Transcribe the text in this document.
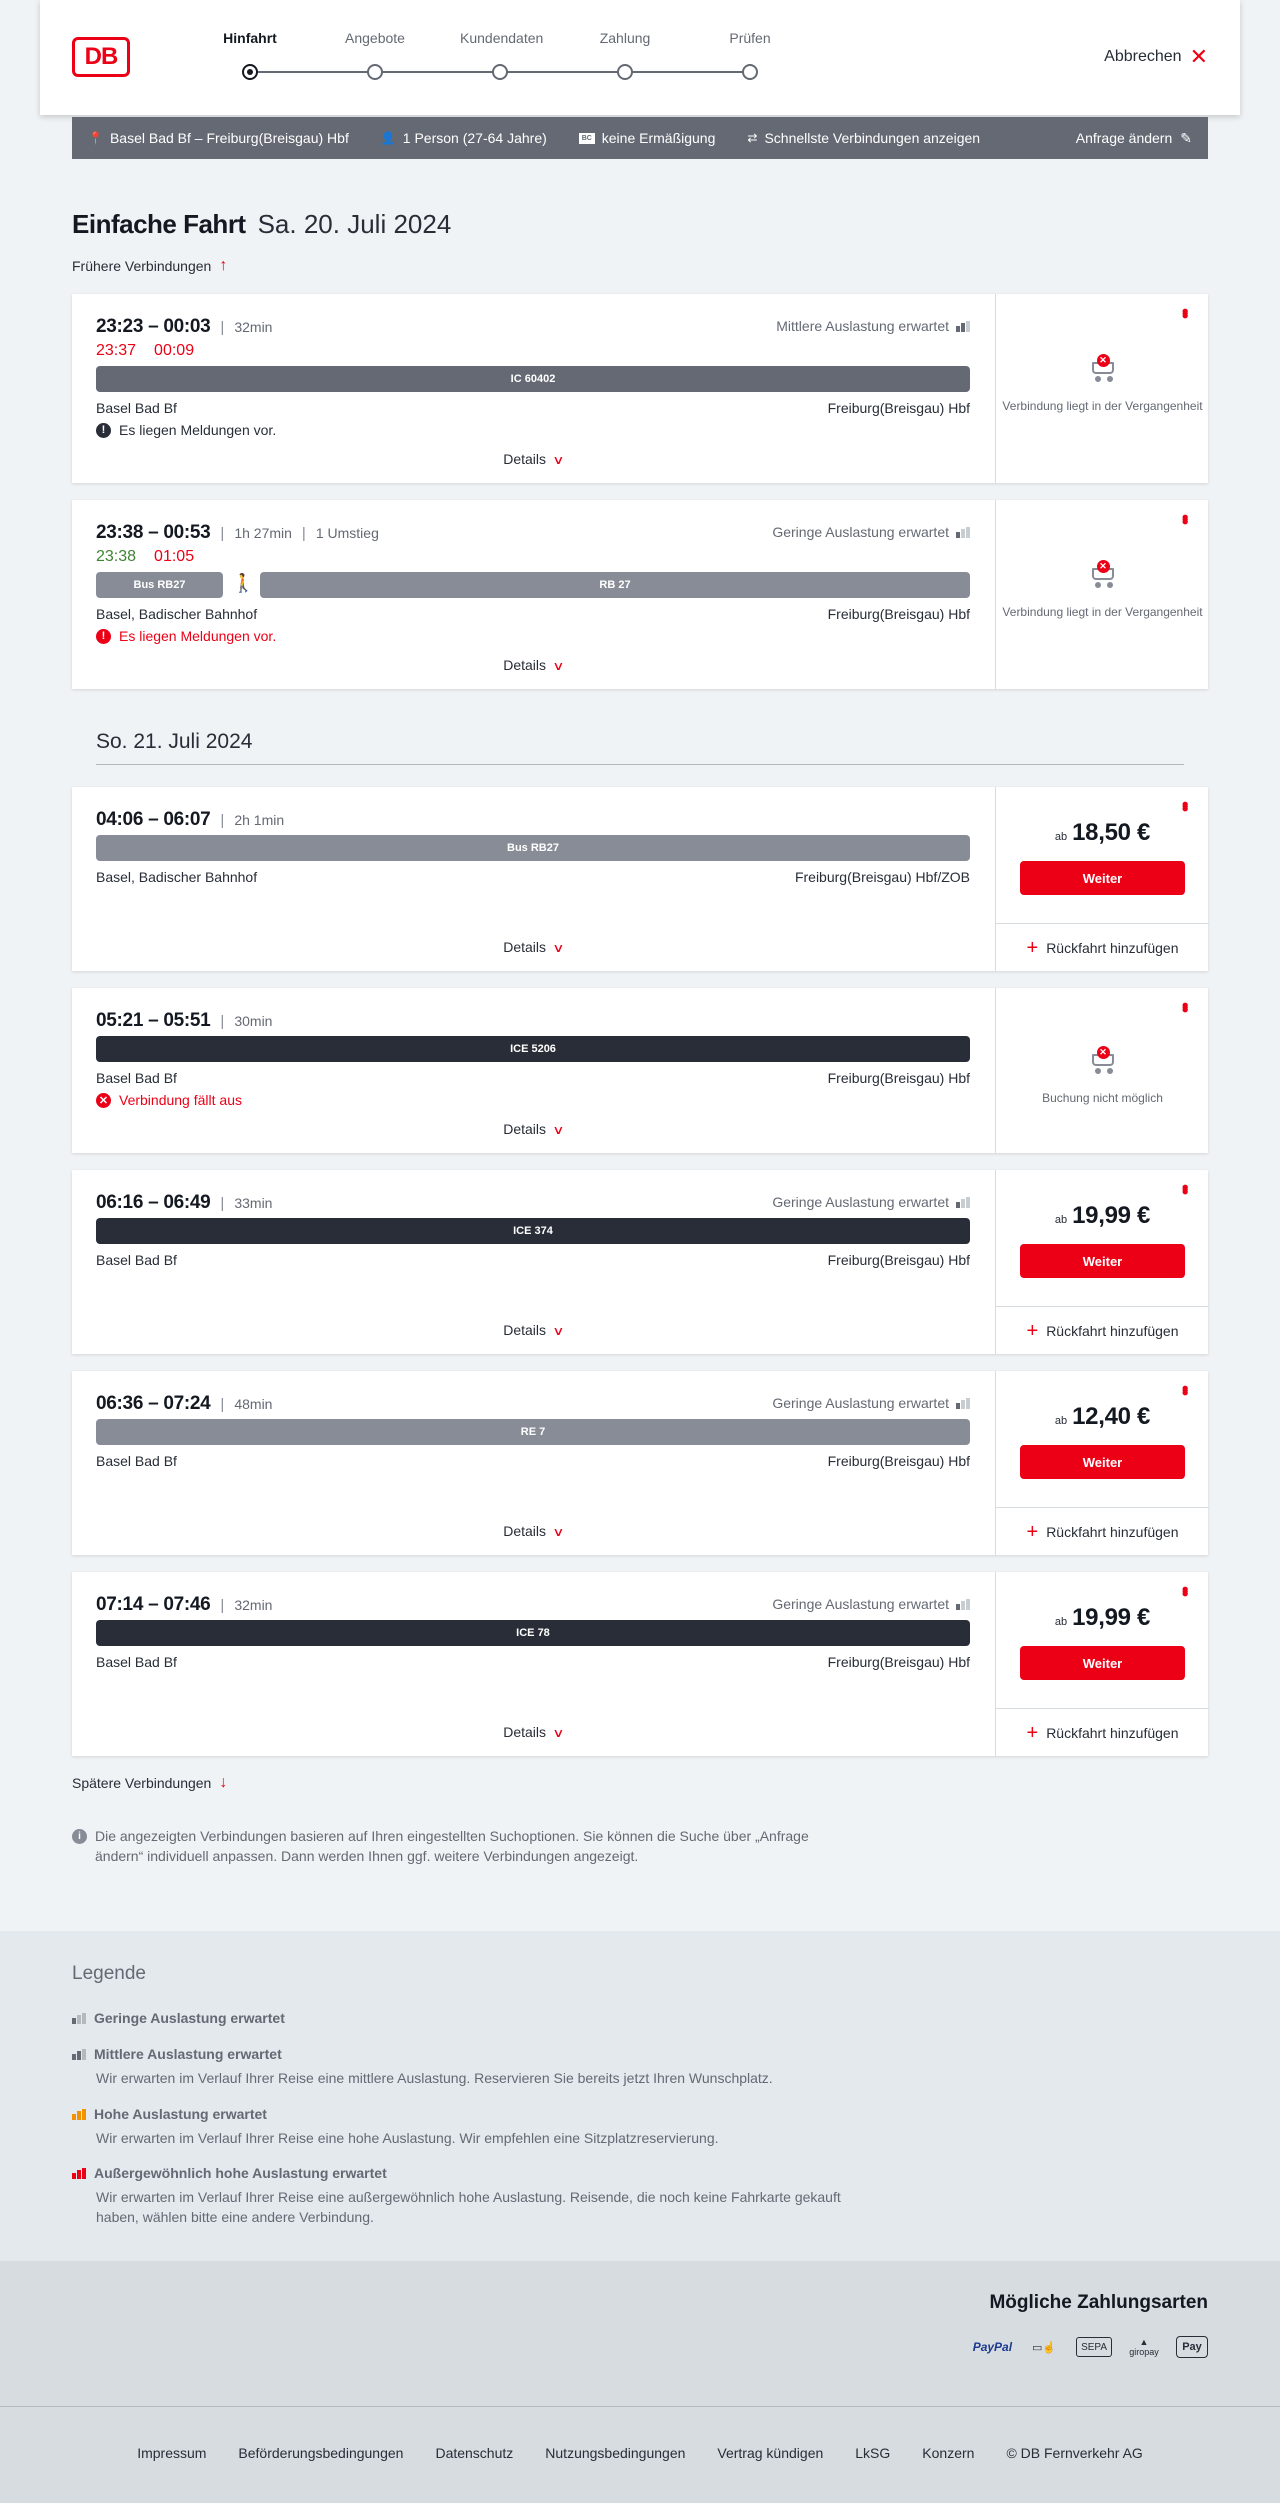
DB
Hinfahrt	Angebote	Kundendaten	Zahlung	Prüfen
Abbrechen ✕
📍 Basel Bad Bf – Freiburg(Breisgau) Hbf	👤 1 Person (27-64 Jahre)	BC keine Ermäßigung	⇄ Schnellste Verbindungen anzeigen	Anfrage ändern ✎
Einfache Fahrt Sa. 20. Juli 2024
Frühere Verbindungen ↑
23:23 – 00:03 | 32min	Mittlere Auslastung erwartet
23:37 00:09
IC 60402
Basel Bad Bf	Freiburg(Breisgau) Hbf
! Es liegen Meldungen vor.
Details ∨
•••
✕
Verbindung liegt in der Vergangenheit
23:38 – 00:53 | 1h 27min | 1 Umstieg	Geringe Auslastung erwartet
23:38 01:05
Bus RB27	🚶	RB 27
Basel, Badischer Bahnhof	Freiburg(Breisgau) Hbf
! Es liegen Meldungen vor.
Details ∨
•••
✕
Verbindung liegt in der Vergangenheit
So. 21. Juli 2024
04:06 – 06:07 | 2h 1min
Bus RB27
Basel, Badischer Bahnhof	Freiburg(Breisgau) Hbf/ZOB
Details ∨
•••
ab 18,50 €
Weiter
+ Rückfahrt hinzufügen
05:21 – 05:51 | 30min
ICE 5206
Basel Bad Bf	Freiburg(Breisgau) Hbf
✕ Verbindung fällt aus
Details ∨
•••
✕
Buchung nicht möglich
06:16 – 06:49 | 33min	Geringe Auslastung erwartet
ICE 374
Basel Bad Bf	Freiburg(Breisgau) Hbf
Details ∨
•••
ab 19,99 €
Weiter
+ Rückfahrt hinzufügen
06:36 – 07:24 | 48min	Geringe Auslastung erwartet
RE 7
Basel Bad Bf	Freiburg(Breisgau) Hbf
Details ∨
•••
ab 12,40 €
Weiter
+ Rückfahrt hinzufügen
07:14 – 07:46 | 32min	Geringe Auslastung erwartet
ICE 78
Basel Bad Bf	Freiburg(Breisgau) Hbf
Details ∨
•••
ab 19,99 €
Weiter
+ Rückfahrt hinzufügen
Spätere Verbindungen ↓
i	Die angezeigten Verbindungen basieren auf Ihren eingestellten Suchoptionen. Sie können die Suche über „Anfrage ändern“ individuell anpassen. Dann werden Ihnen ggf. weitere Verbindungen angezeigt.
Legende
Geringe Auslastung erwartet
Mittlere Auslastung erwartet
Wir erwarten im Verlauf Ihrer Reise eine mittlere Auslastung. Reservieren Sie bereits jetzt Ihren Wunschplatz.
Hohe Auslastung erwartet
Wir erwarten im Verlauf Ihrer Reise eine hohe Auslastung. Wir empfehlen eine Sitzplatzreservierung.
Außergewöhnlich hohe Auslastung erwartet
Wir erwarten im Verlauf Ihrer Reise eine außergewöhnlich hohe Auslastung. Reisende, die noch keine Fahrkarte gekauft haben, wählen bitte eine andere Verbindung.
Mögliche Zahlungsarten
PayPal	▭☝	SEPA	▲
giropay	Pay
Impressum Beförderungsbedingungen Datenschutz Nutzungsbedingungen Vertrag kündigen LkSG Konzern © DB Fernverkehr AG
